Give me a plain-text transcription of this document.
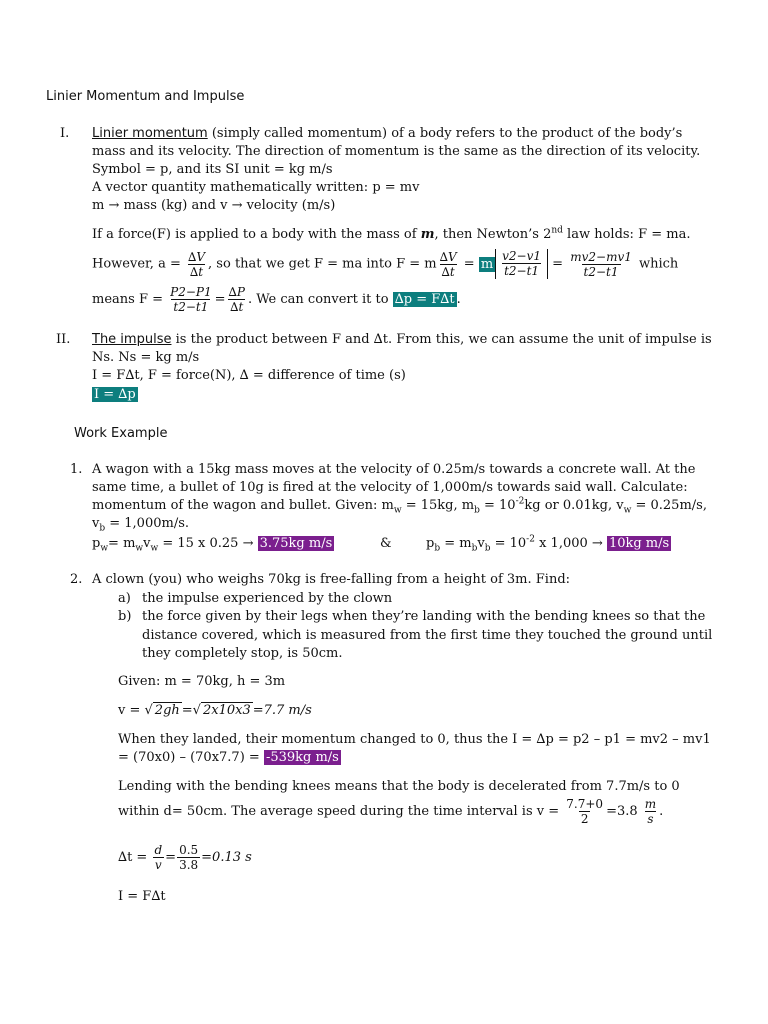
Linier Momentum and Impulse
I. Linier momentum (simply called momentum) of a body refers to the product of the body’s
mass and its velocity. The direction of momentum is the same as the direction of its velocity.
Symbol = p, and its SI unit = kg m/s
A vector quantity mathematically written: p = mv
m → mass (kg) and v → velocity (m/s)
If a force(F) is applied to a body with the mass of m, then Newton’s 2nd law holds: F = ma.
However, $a = \frac{\Delta V}{\Delta t}$ , so that we get F = ma into F = m $\frac{\Delta V}{\Delta t} = m \frac{v2-v1}{t2-t1} = \frac{mv2-mv1}{t2-t1}$ which
means $F = \frac{P2-P1}{t2-t1} = \frac{\Delta P}{\Delta t}$ . We can convert it to ∆p = F∆t .
II. The impulse is the product between F and ∆t. From this, we can assume the unit of impulse is
Ns. Ns = kg m/s
I = F∆t, F = force(N), ∆ = difference of time (s)
I = ∆p
Work Example
1. A wagon with a 15kg mass moves at the velocity of 0.25m/s towards a concrete wall. At the
same time, a bullet of 10g is fired at the velocity of 1,000m/s towards said wall. Calculate:
momentum of the wagon and bullet. Given: $m_w = 15kg$, $m_b = 10^{-2}kg$ or 0.01kg, $v_w = 0.25m/s$,
$v_b = 1,000m/s$.
$p_w= m_wv_w = 15$ x 0.25 → 3.75kg m/s	&	$p_b = m_bv_b = 10^{-2}$ x 1,000 → 10kg m/s
2. A clown (you) who weighs 70kg is free-falling from a height of 3m. Find:
a) the impulse experienced by the clown
b) the force given by their legs when they’re landing with the bending knees so that the
distance covered, which is measured from the first time they touched the ground until
they completely stop, is 50cm.
Given: m = 70kg, h = 3m
v = √ 2gh =√ 2x10x3 =7.7 m/s
When they landed, their momentum changed to 0, thus the I = ∆p = p2 – p1 = mv2 – mv1
= (70x0) – (70x7.7) = -539kg m/s
Lending with the bending knees means that the body is decelerated from 7.7m/s to 0
within d= 50cm. The average speed during the time interval is $v = \frac{7.7+0}{2} =3.8 \frac{m}{s}$ .
$\Delta t = \frac{d}{v} = \frac{0.5}{3.8} =0.13$ s
I = F∆t
